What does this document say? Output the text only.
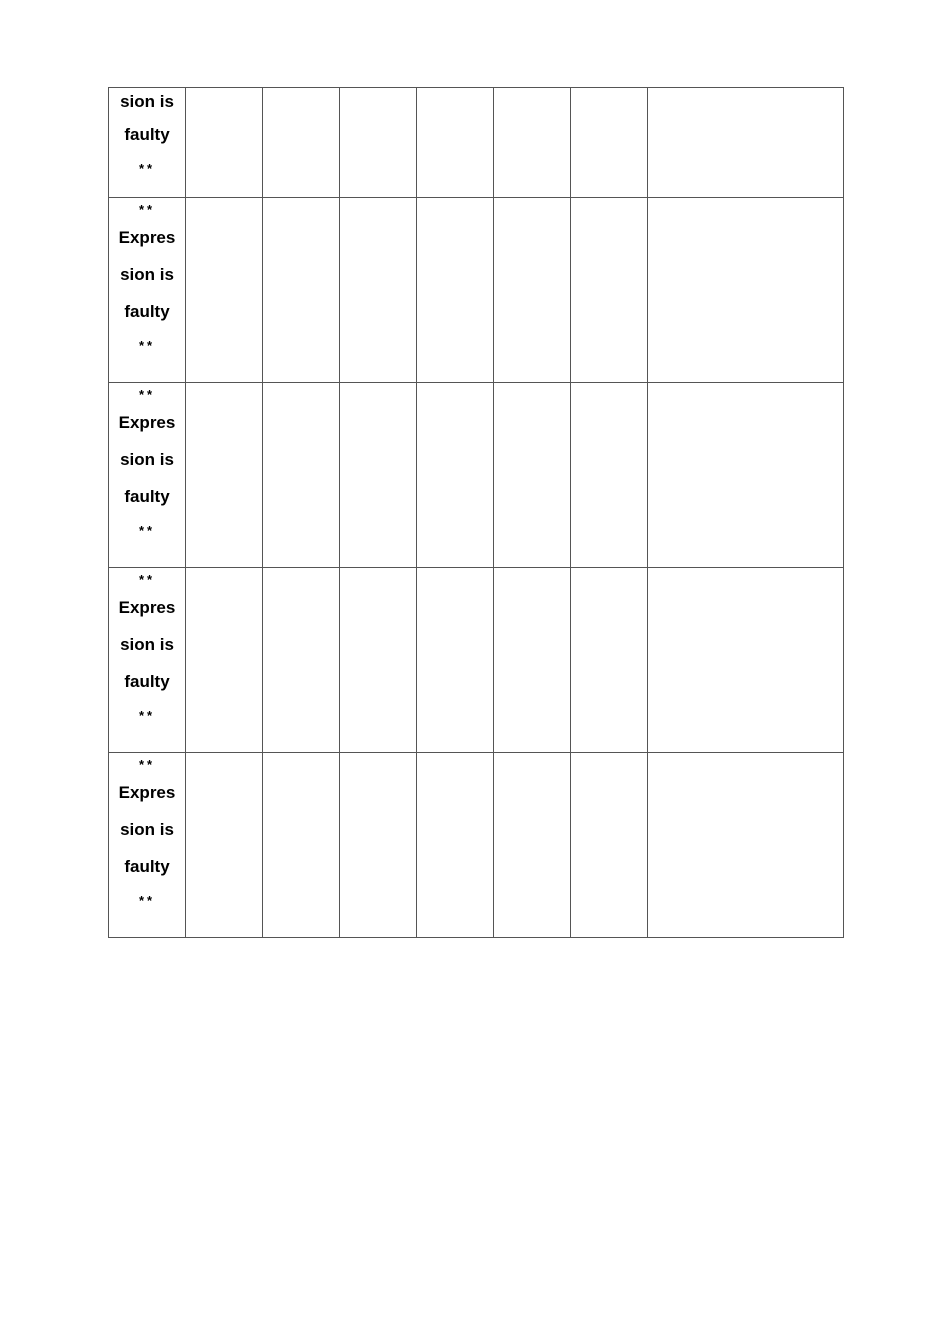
sion is
faulty
**							

**
Expres
sion is
faulty
**							

**
Expres
sion is
faulty
**							

**
Expres
sion is
faulty
**							

**
Expres
sion is
faulty
**							
